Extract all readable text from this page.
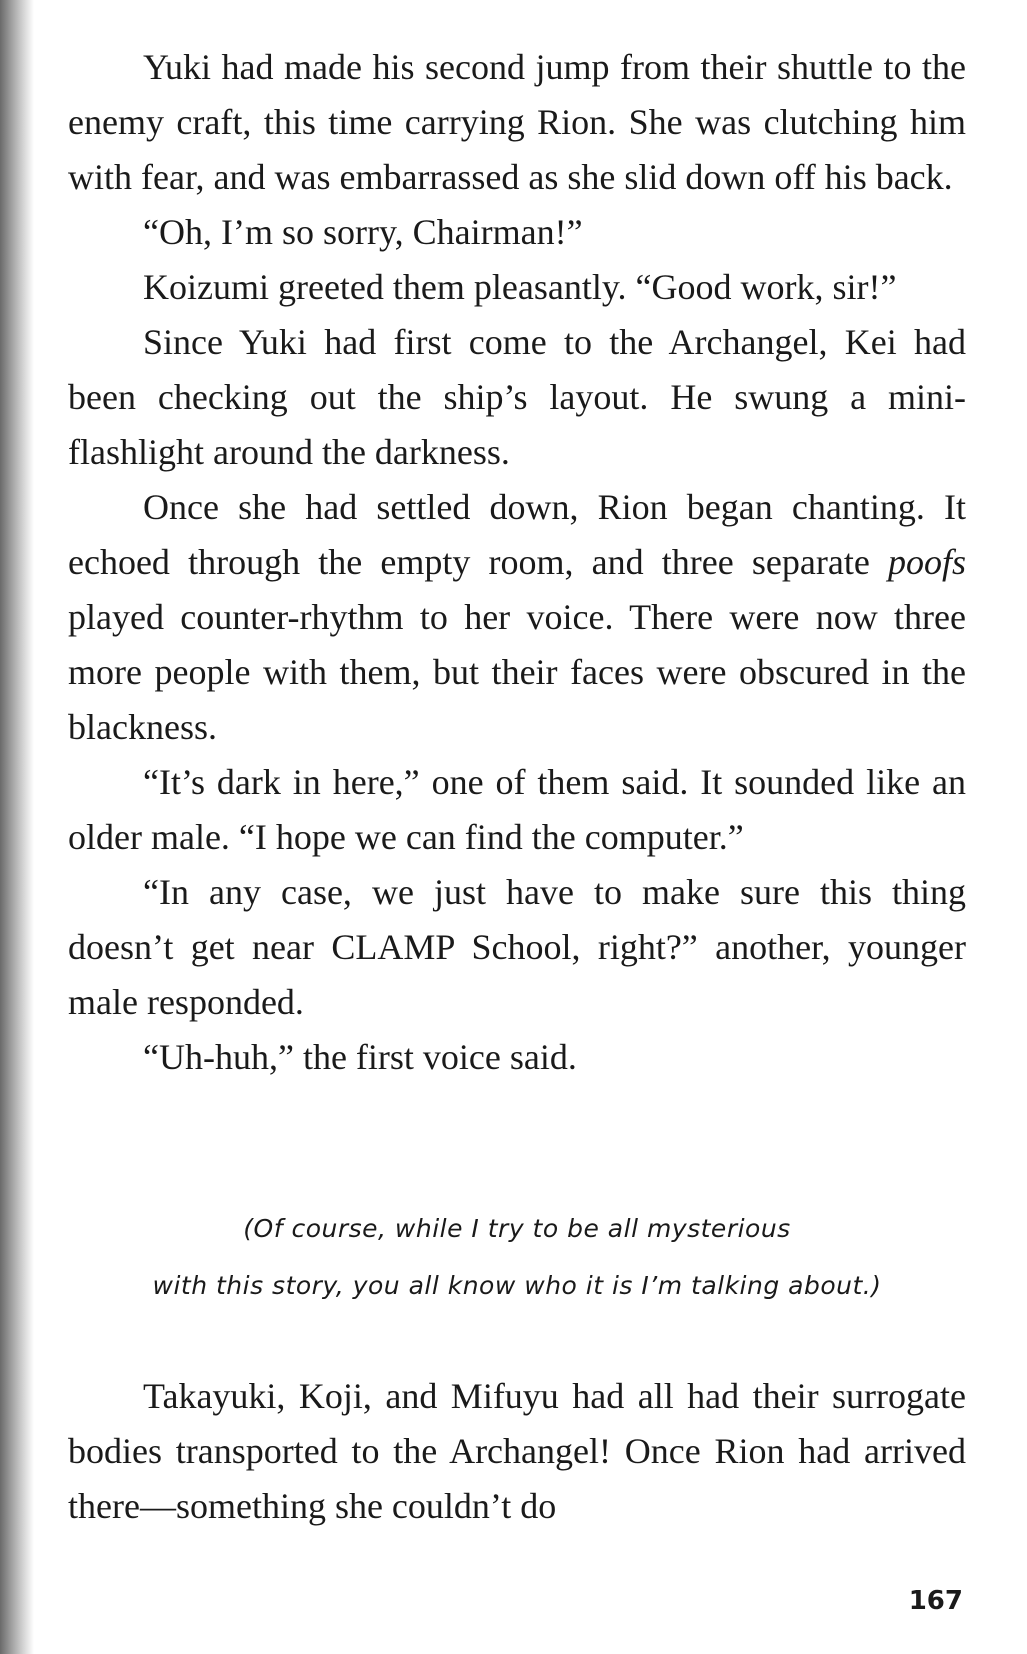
Yuki had made his second jump from their shuttle to the enemy craft, this time carrying Rion. She was clutching him with fear, and was embarrassed as she slid down off his back.

“Oh, I’m so sorry, Chairman!”

Koizumi greeted them pleasantly. “Good work, sir!”

Since Yuki had first come to the Archangel, Kei had been checking out the ship’s layout. He swung a mini-flashlight around the darkness.

Once she had settled down, Rion began chanting. It echoed through the empty room, and three separate poofs played counter-rhythm to her voice. There were now three more people with them, but their faces were obscured in the blackness.

“It’s dark in here,” one of them said. It sounded like an older male. “I hope we can find the computer.”

“In any case, we just have to make sure this thing doesn’t get near CLAMP School, right?” another, younger male responded.

“Uh-huh,” the first voice said.

(Of course, while I try to be all mysterious
with this story, you all know who it is I’m talking about.)

Takayuki, Koji, and Mifuyu had all had their surrogate bodies transported to the Archangel! Once Rion had arrived there—something she couldn’t do

167
